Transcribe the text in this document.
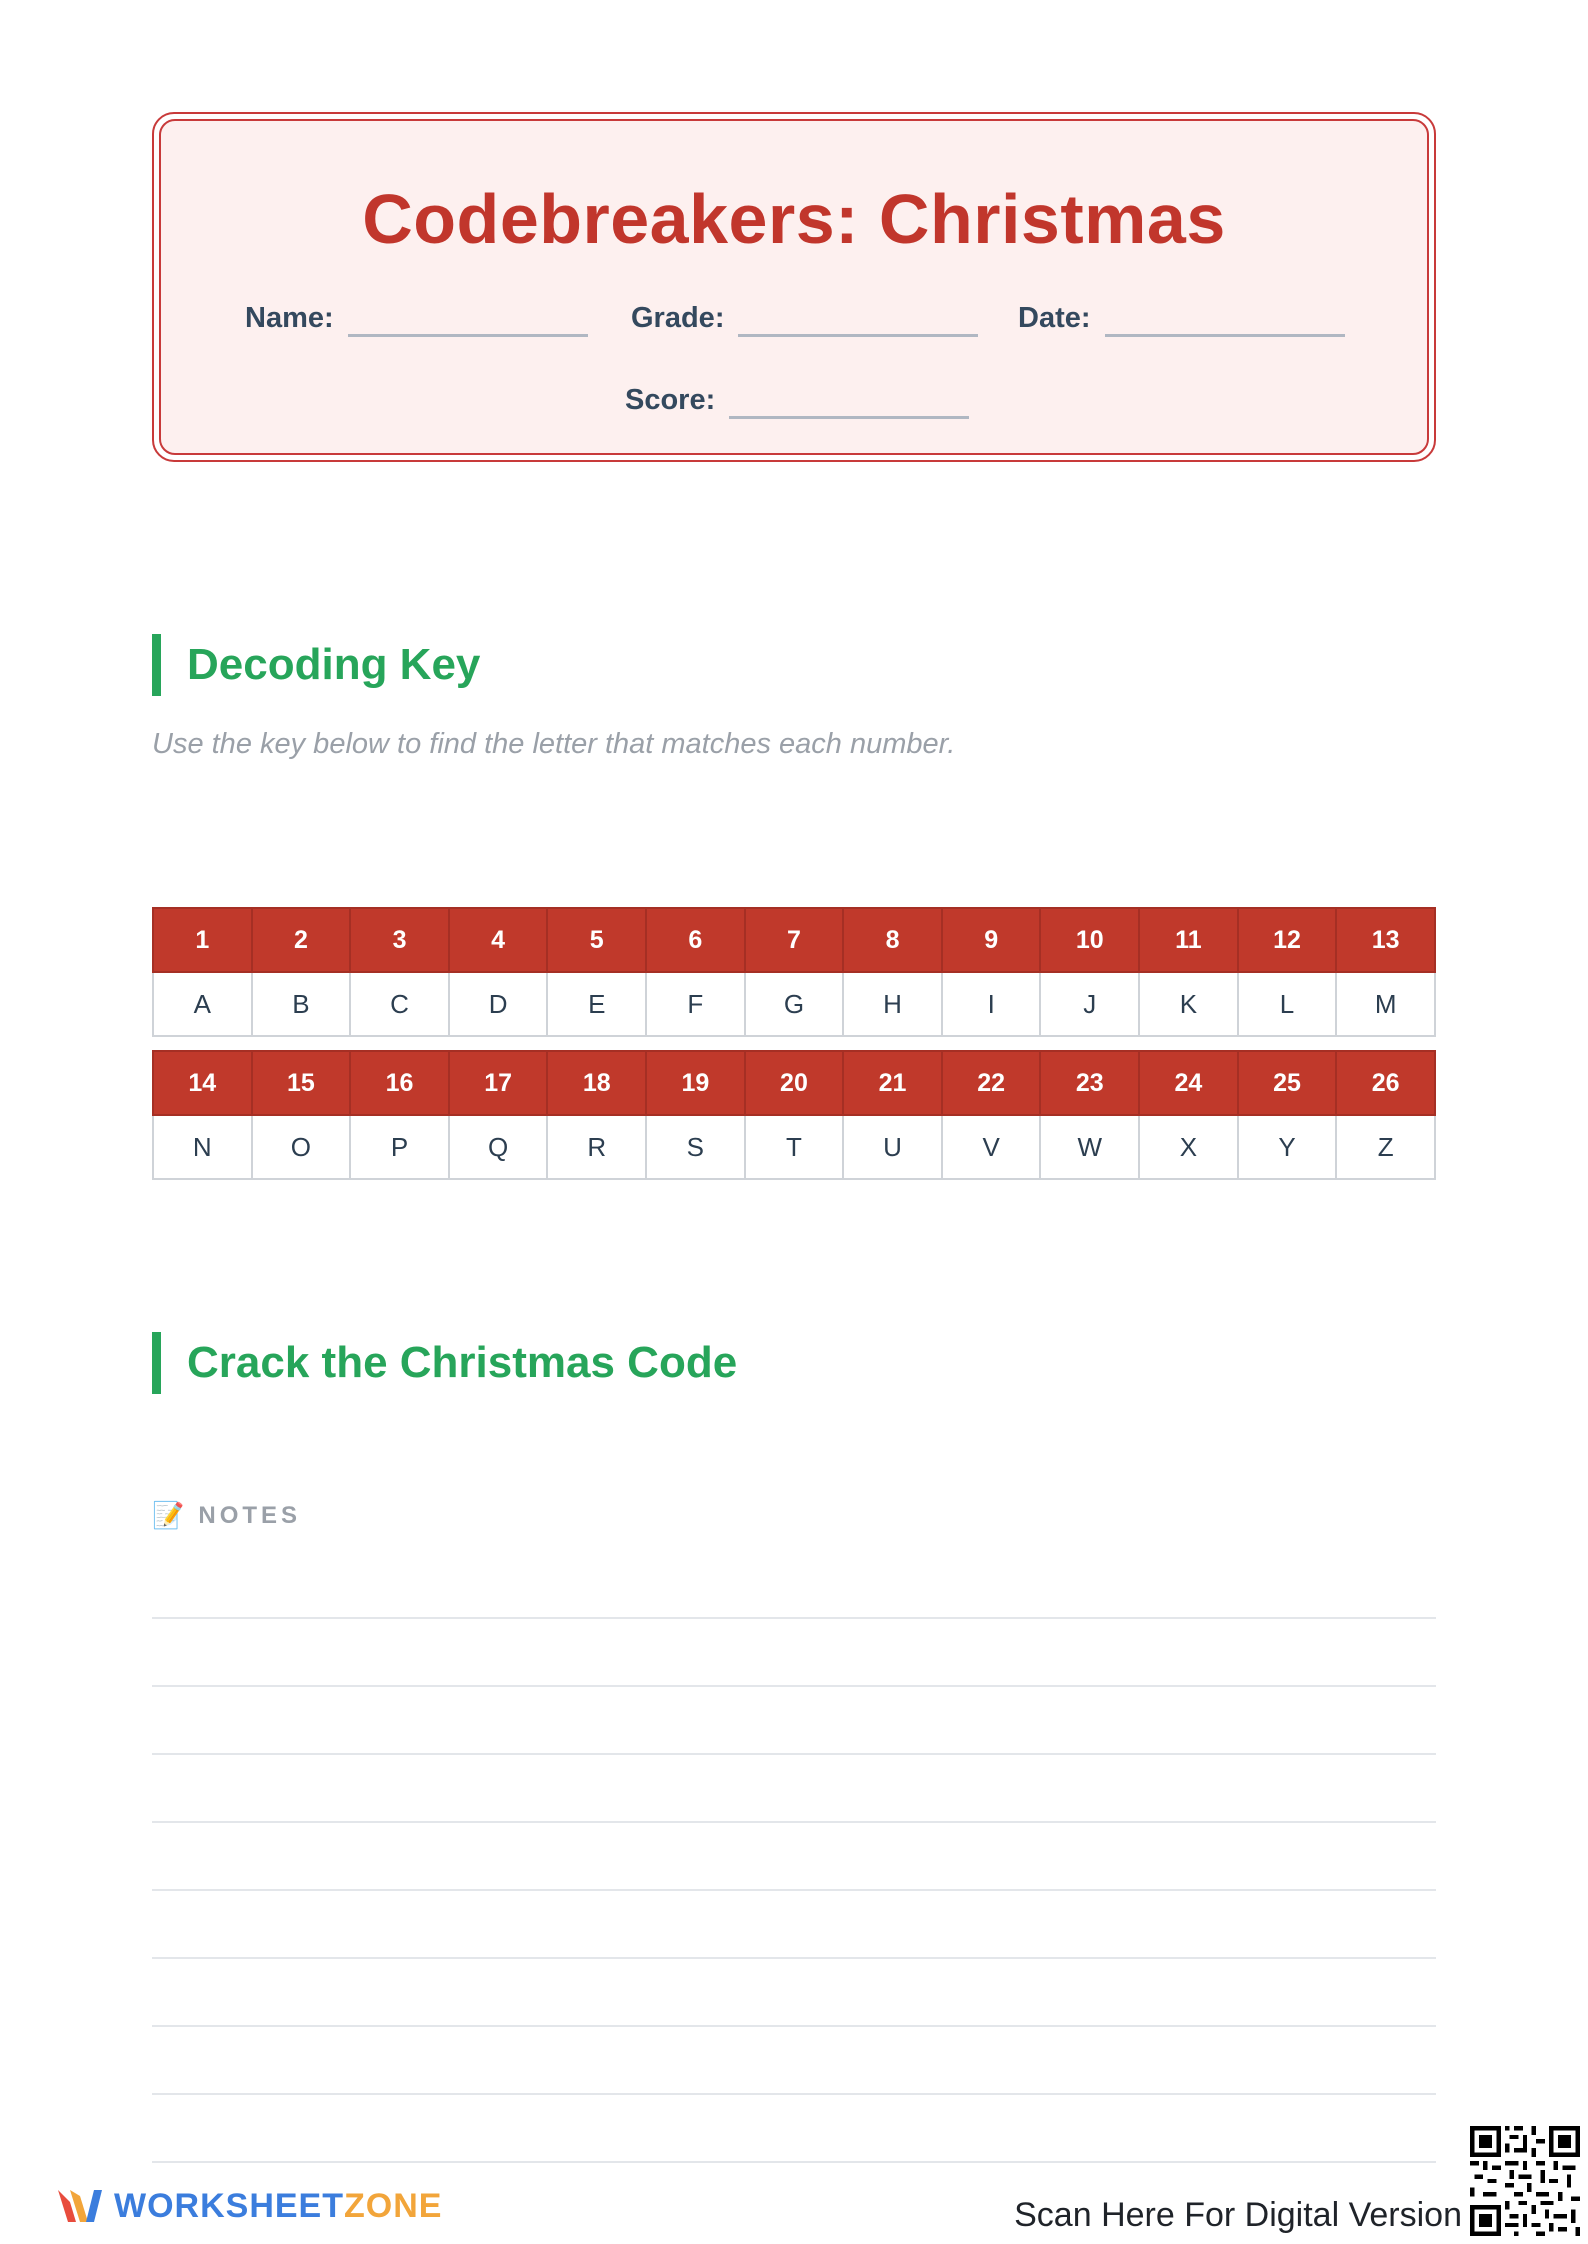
Codebreakers: Christmas
Name:	Grade:	Date:
Score:
Decoding Key
Use the key below to find the letter that matches each number.
1	2	3	4	5	6	7	8	9	10	11	12	13
A	B	C	D	E	F	G	H	I	J	K	L	M
14	15	16	17	18	19	20	21	22	23	24	25	26
N	O	P	Q	R	S	T	U	V	W	X	Y	Z
Crack the Christmas Code
📝 NOTES
WORKSHEET ZONE	Scan Here For Digital Version
